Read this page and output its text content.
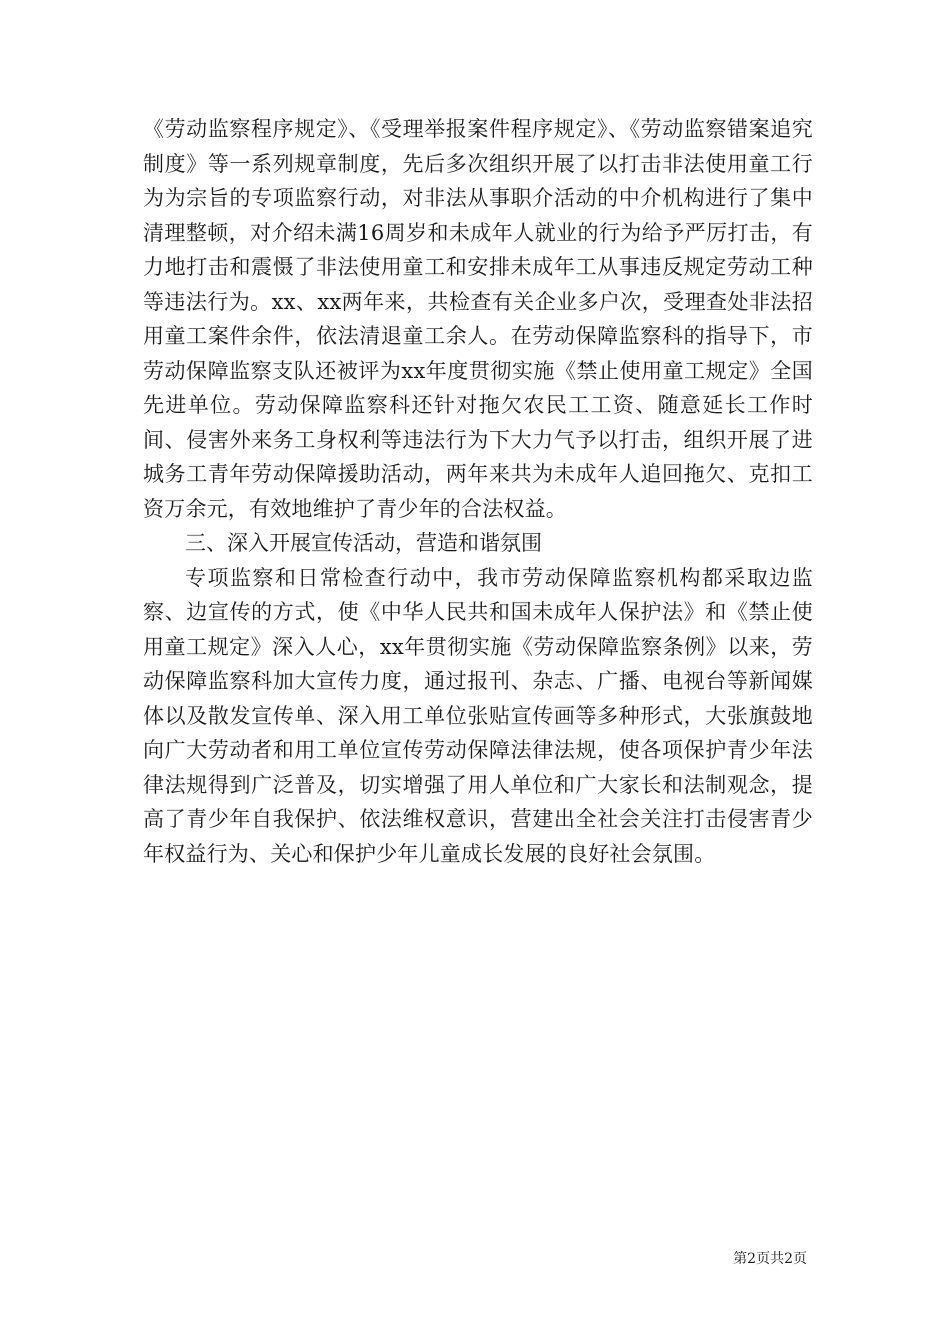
《劳动监察程序规定》、《受理举报案件程序规定》、《劳动监察错案追究制度》等一系列规章制度，先后多次组织开展了以打击非法使用童工行为为宗旨的专项监察行动，对非法从事职介活动的中介机构进行了集中清理整顿，对介绍未满16周岁和未成年人就业的行为给予严厉打击，有力地打击和震慑了非法使用童工和安排未成年工从事违反规定劳动工种等违法行为。xx、xx两年来，共检查有关企业多户次，受理查处非法招用童工案件余件，依法清退童工余人。在劳动保障监察科的指导下，市劳动保障监察支队还被评为xx年度贯彻实施《禁止使用童工规定》全国先进单位。劳动保障监察科还针对拖欠农民工工资、随意延长工作时间、侵害外来务工身权利等违法行为下大力气予以打击，组织开展了进城务工青年劳动保障援助活动，两年来共为未成年人追回拖欠、克扣工资万余元，有效地维护了青少年的合法权益。

三、深入开展宣传活动，营造和谐氛围

专项监察和日常检查行动中，我市劳动保障监察机构都采取边监察、边宣传的方式，使《中华人民共和国未成年人保护法》和《禁止使用童工规定》深入人心，xx年贯彻实施《劳动保障监察条例》以来，劳动保障监察科加大宣传力度，通过报刊、杂志、广播、电视台等新闻媒体以及散发宣传单、深入用工单位张贴宣传画等多种形式，大张旗鼓地向广大劳动者和用工单位宣传劳动保障法律法规，使各项保护青少年法律法规得到广泛普及，切实增强了用人单位和广大家长和法制观念，提高了青少年自我保护、依法维权意识，营建出全社会关注打击侵害青少年权益行为、关心和保护少年儿童成长发展的良好社会氛围。

第2页共2页
